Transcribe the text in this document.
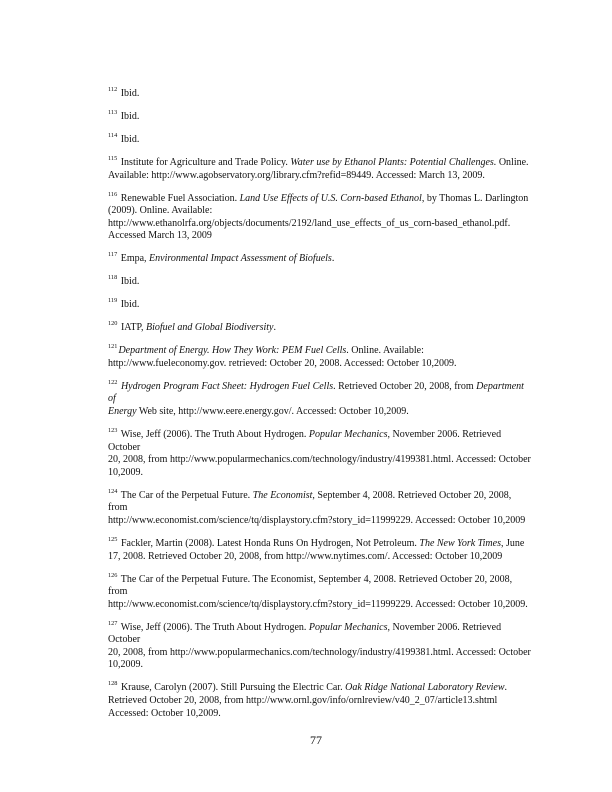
$^{112}$ Ibid.
$^{113}$ Ibid.
$^{114}$ Ibid.
$^{115}$ Institute for Agriculture and Trade Policy. Water use by Ethanol Plants: Potential Challenges. Online.
Available: http://www.agobservatory.org/library.cfm?refid=89449. Accessed: March 13, 2009.
$^{116}$ Renewable Fuel Association. Land Use Effects of U.S. Corn-based Ethanol, by Thomas L. Darlington
(2009). Online. Available:
http://www.ethanolrfa.org/objects/documents/2192/land_use_effects_of_us_corn-based_ethanol.pdf.
Accessed March 13, 2009
$^{117}$ Empa, Environmental Impact Assessment of Biofuels.
$^{118}$ Ibid.
$^{119}$ Ibid.
$^{120}$ IATP, Biofuel and Global Biodiversity.
$^{121}$Department of Energy. How They Work: PEM Fuel Cells. Online. Available:
http://www.fueleconomy.gov. retrieved: October 20, 2008. Accessed: October 10,2009.
$^{122}$ Hydrogen Program Fact Sheet: Hydrogen Fuel Cells. Retrieved October 20, 2008, from Department of
Energy Web site, http://www.eere.energy.gov/. Accessed: October 10,2009.
$^{123}$ Wise, Jeff (2006). The Truth About Hydrogen. Popular Mechanics, November 2006. Retrieved October
20, 2008, from http://www.popularmechanics.com/technology/industry/4199381.html. Accessed: October
10,2009.
$^{124}$ The Car of the Perpetual Future. The Economist, September 4, 2008. Retrieved October 20, 2008, from
http://www.economist.com/science/tq/displaystory.cfm?story_id=11999229. Accessed: October 10,2009
$^{125}$ Fackler, Martin (2008). Latest Honda Runs On Hydrogen, Not Petroleum. The New York Times, June
17, 2008. Retrieved October 20, 2008, from http://www.nytimes.com/. Accessed: October 10,2009
$^{126}$ The Car of the Perpetual Future. The Economist, September 4, 2008. Retrieved October 20, 2008, from
http://www.economist.com/science/tq/displaystory.cfm?story_id=11999229. Accessed: October 10,2009.
$^{127}$ Wise, Jeff (2006). The Truth About Hydrogen. Popular Mechanics, November 2006. Retrieved October
20, 2008, from http://www.popularmechanics.com/technology/industry/4199381.html. Accessed: October
10,2009.
$^{128}$ Krause, Carolyn (2007). Still Pursuing the Electric Car. Oak Ridge National Laboratory Review.
Retrieved October 20, 2008, from http://www.ornl.gov/info/ornlreview/v40_2_07/article13.shtml
Accessed: October 10,2009.
77
